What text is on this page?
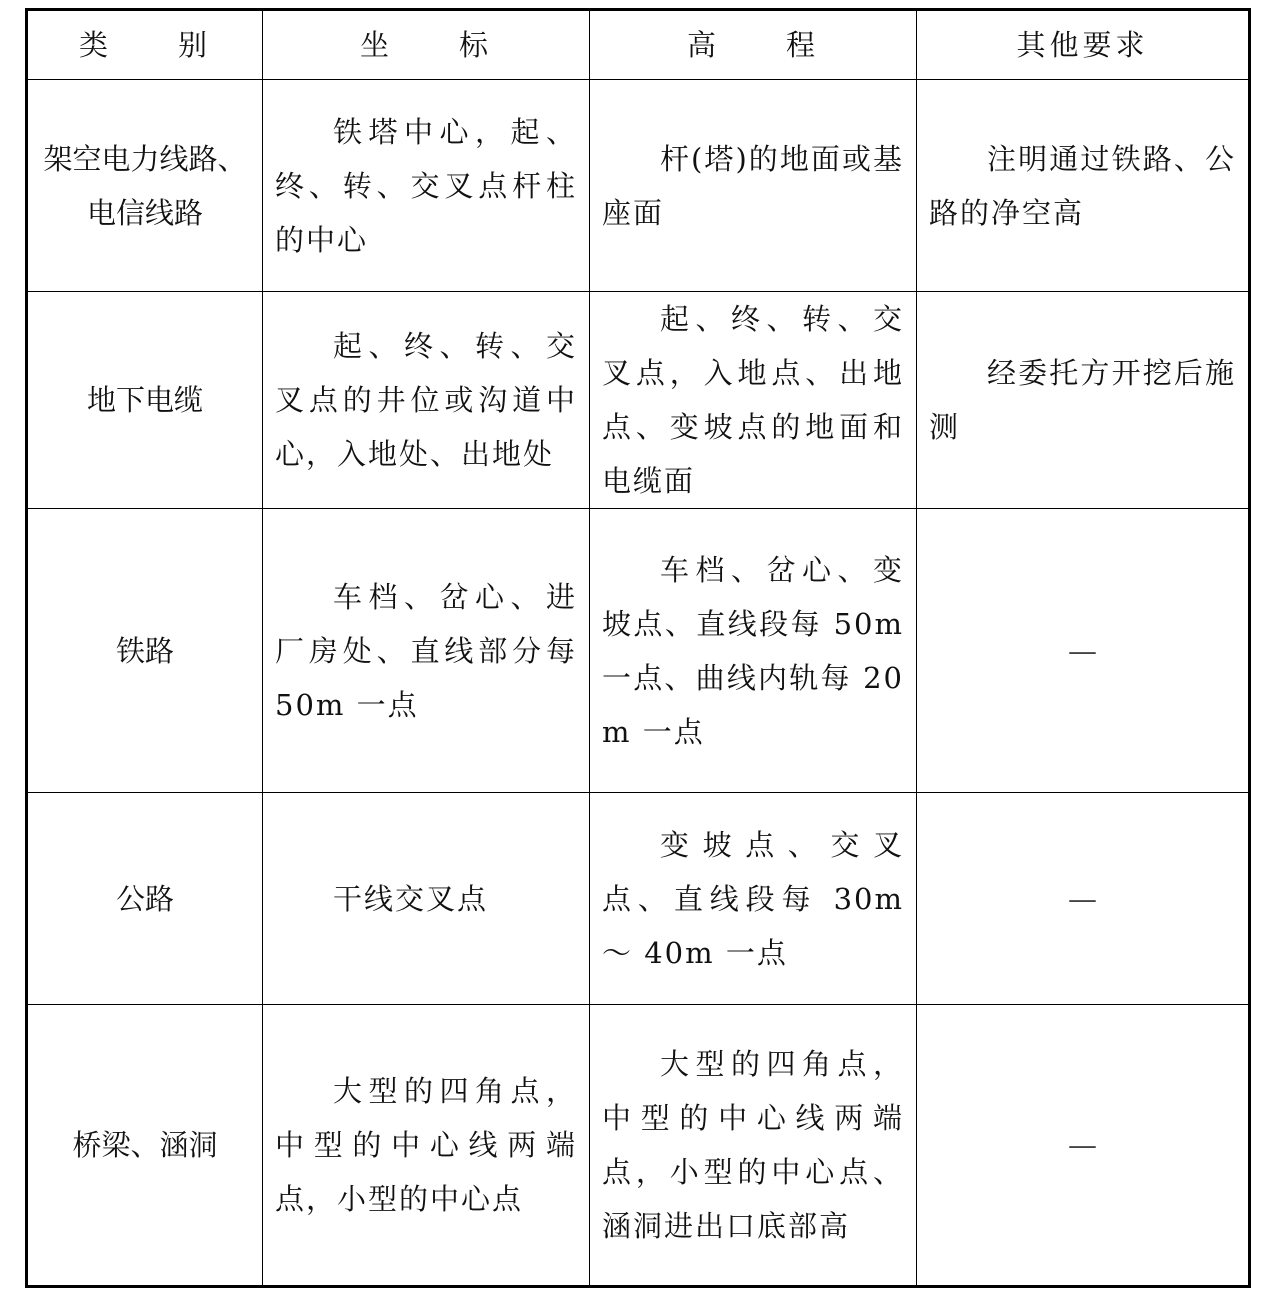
类　　别	坐　　标	高　　程	其他要求
架空电力线路、电信线路	铁塔中心，起、终、转、交叉点杆柱的中心	杆(塔)的地面或基座面	注明通过铁路、公路的净空高

地下电缆	起、终、转、交叉点的井位或沟道中心，入地处、出地处	起、终、转、交叉点，入地点、出地点、变坡点的地面和电缆面	经委托方开挖后施测

铁路	车档、岔心、进厂房处、直线部分每 50m 一点	车档、岔心、变坡点、直线段每 50m 一点、曲线内轨每 20m 一点	—
公路	干线交叉点	变坡点、交叉点、直线段每 30m ～ 40m 一点	—
桥梁、涵洞	大型的四角点，中型的中心线两端点，小型的中心点	大型的四角点，中型的中心线两端点，小型的中心点、涵洞进出口底部高	—
